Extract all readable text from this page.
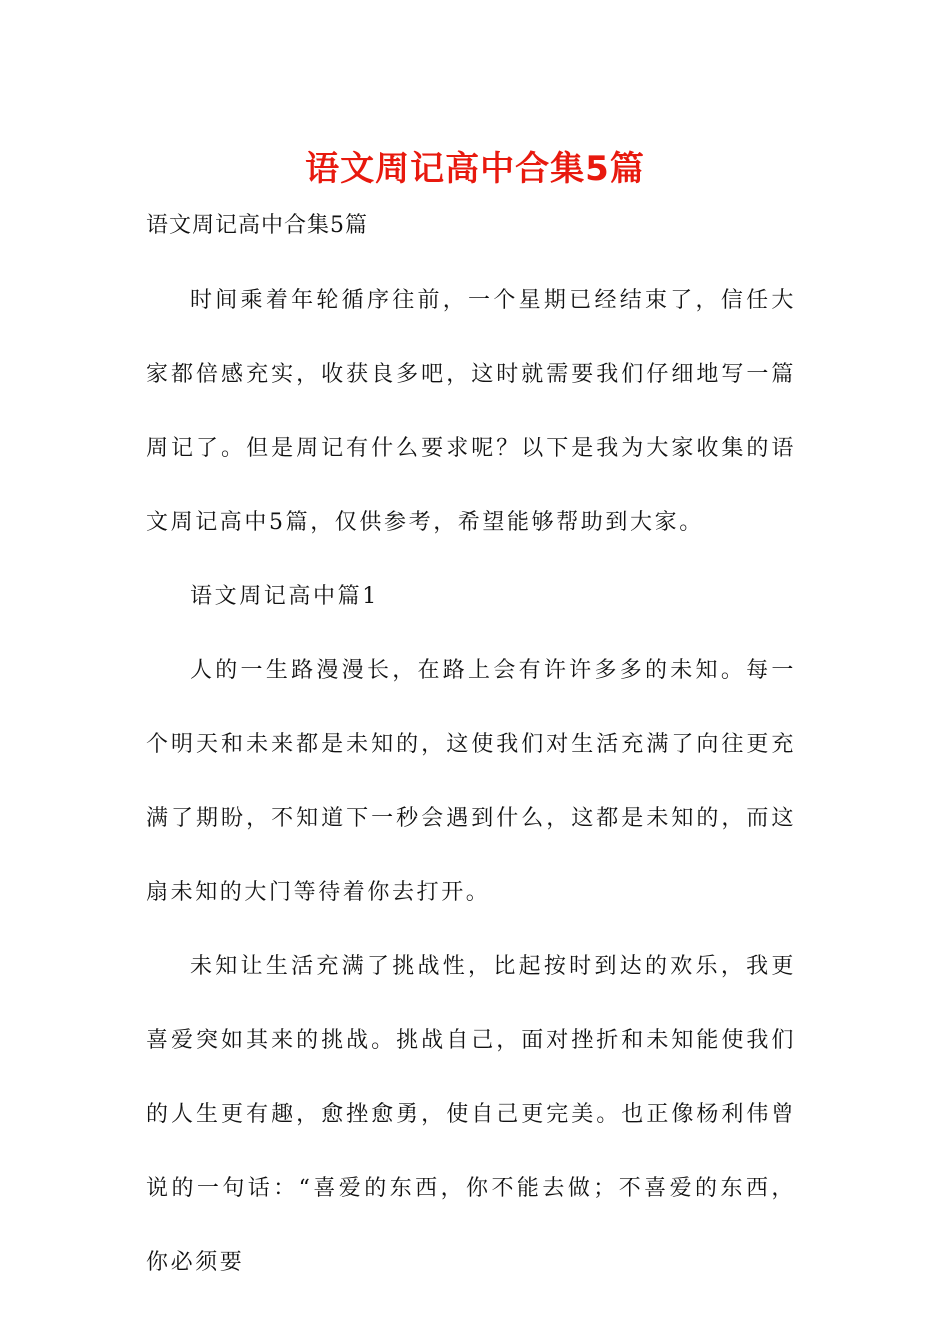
语文周记高中合集5篇
语文周记高中合集5篇

时间乘着年轮循序往前，一个星期已经结束了，信任大家都倍感充实，收获良多吧，这时就需要我们仔细地写一篇周记了。但是周记有什么要求呢？以下是我为大家收集的语文周记高中5篇，仅供参考，希望能够帮助到大家。

语文周记高中篇1

人的一生路漫漫长，在路上会有许许多多的未知。每一个明天和未来都是未知的，这使我们对生活充满了向往更充满了期盼，不知道下一秒会遇到什么，这都是未知的，而这扇未知的大门等待着你去打开。

未知让生活充满了挑战性，比起按时到达的欢乐，我更喜爱突如其来的挑战。挑战自己，面对挫折和未知能使我们的人生更有趣，愈挫愈勇，使自己更完美。也正像杨利伟曾说的一句话：“喜爱的东西，你不能去做；不喜爱的东西，你必须要
